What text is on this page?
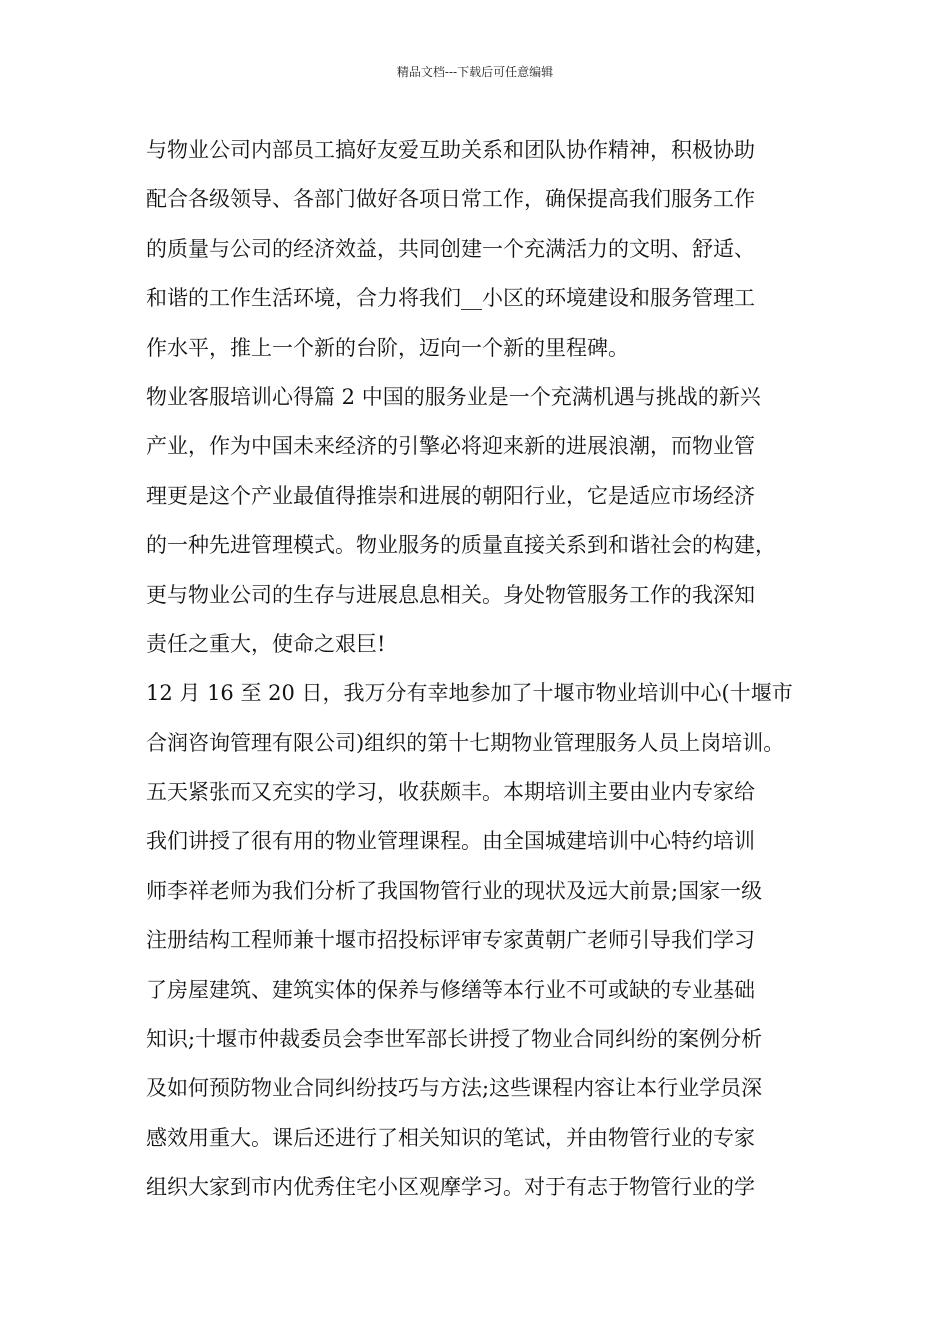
精品文档---下载后可任意编辑
与物业公司内部员工搞好友爱互助关系和团队协作精神，积极协助
配合各级领导、各部门做好各项日常工作，确保提高我们服务工作
的质量与公司的经济效益，共同创建一个充满活力的文明、舒适、
和谐的工作生活环境，合力将我们__小区的环境建设和服务管理工
作水平，推上一个新的台阶，迈向一个新的里程碑。
物业客服培训心得篇 2 中国的服务业是一个充满机遇与挑战的新兴
产业，作为中国未来经济的引擎必将迎来新的进展浪潮，而物业管
理更是这个产业最值得推崇和进展的朝阳行业，它是适应市场经济
的一种先进管理模式。物业服务的质量直接关系到和谐社会的构建，
更与物业公司的生存与进展息息相关。身处物管服务工作的我深知
责任之重大，使命之艰巨!
12 月 16 至 20 日，我万分有幸地参加了十堰市物业培训中心(十堰市
合润咨询管理有限公司)组织的第十七期物业管理服务人员上岗培训。
五天紧张而又充实的学习，收获颇丰。本期培训主要由业内专家给
我们讲授了很有用的物业管理课程。由全国城建培训中心特约培训
师李祥老师为我们分析了我国物管行业的现状及远大前景;国家一级
注册结构工程师兼十堰市招投标评审专家黄朝广老师引导我们学习
了房屋建筑、建筑实体的保养与修缮等本行业不可或缺的专业基础
知识;十堰市仲裁委员会李世军部长讲授了物业合同纠纷的案例分析
及如何预防物业合同纠纷技巧与方法;这些课程内容让本行业学员深
感效用重大。课后还进行了相关知识的笔试，并由物管行业的专家
组织大家到市内优秀住宅小区观摩学习。对于有志于物管行业的学
